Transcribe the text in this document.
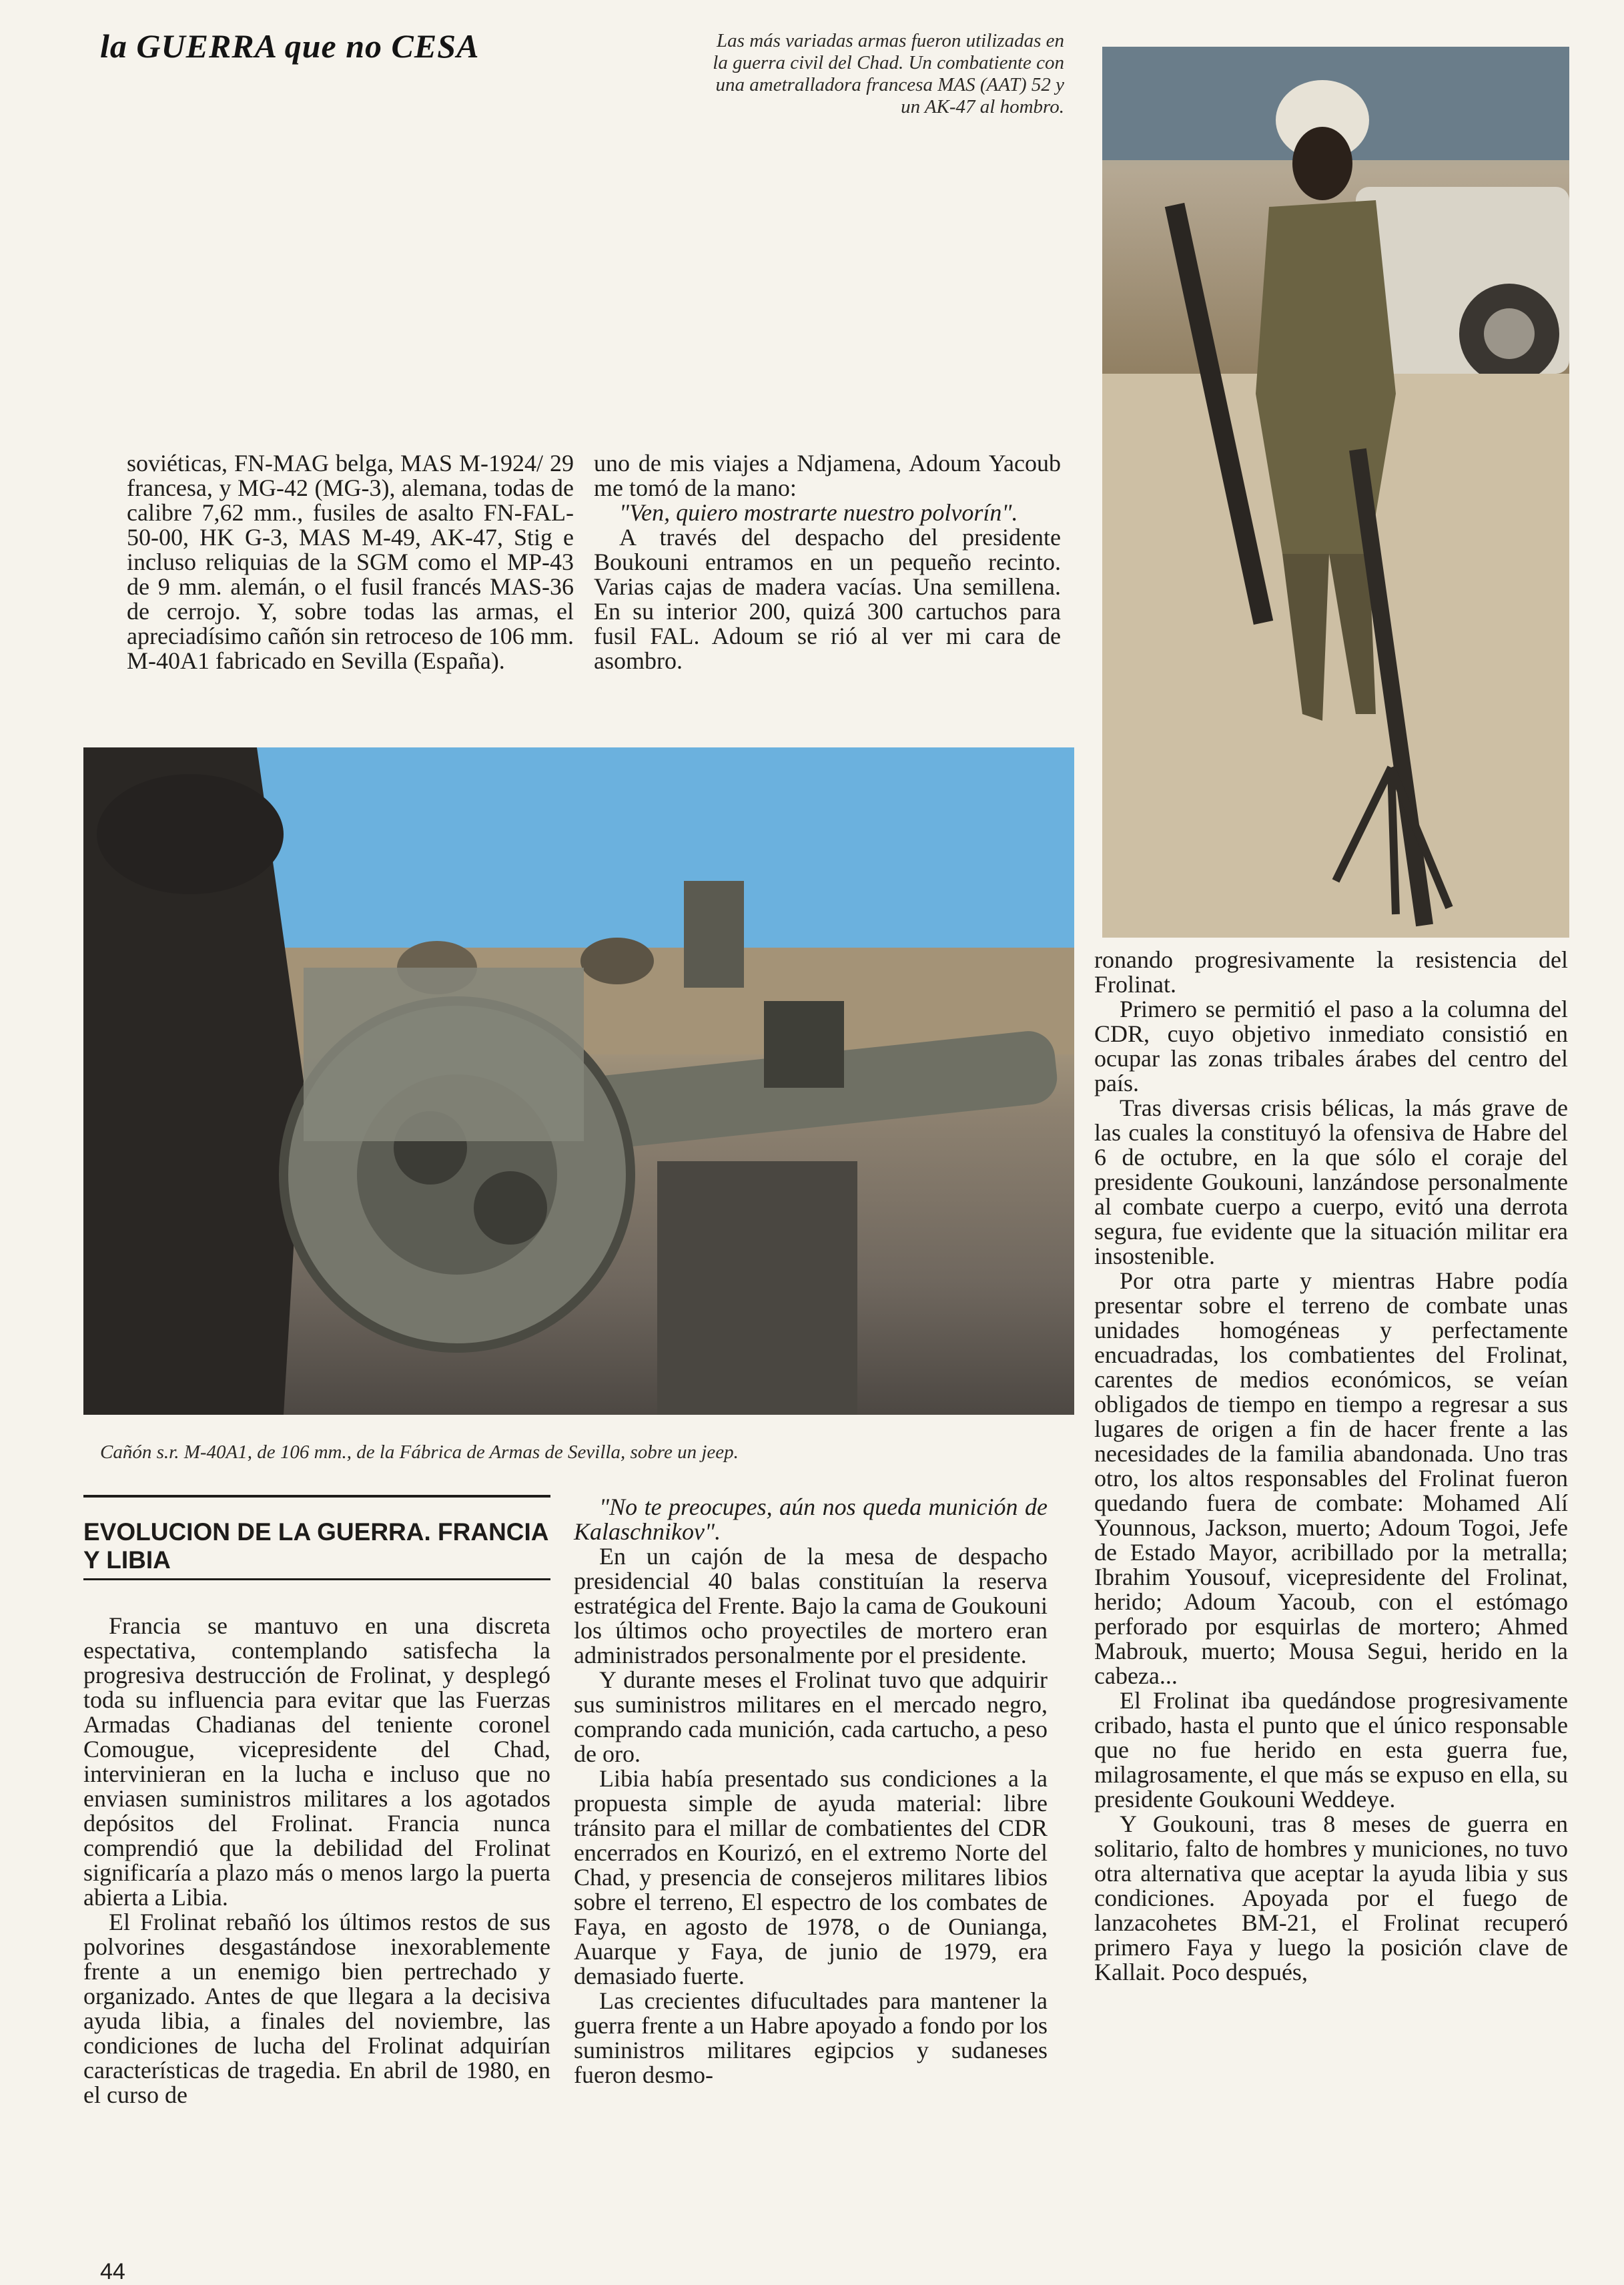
la GUERRA que no CESA	Las más variadas armas fueron utilizadas en la guerra civil del Chad. Un combatiente con una ametralladora francesa MAS (AAT) 52 y un AK-47 al hombro.

soviéticas, FN-MAG belga, MAS M-1924/ 29 francesa, y MG-42 (MG-3), alemana, todas de calibre 7,62 mm., fusiles de asalto FN-FAL-50-00, HK G-3, MAS M-49, AK-47, Stig e incluso reliquias de la SGM como el MP-43 de 9 mm. alemán, o el fusil francés MAS-36 de cerrojo. Y, sobre todas las armas, el apreciadísimo cañón sin retroceso de 106 mm. M-40A1 fabricado en Sevilla (España).

uno de mis viajes a Ndjamena, Adoum Yacoub me tomó de la mano:

"Ven, quiero mostrarte nuestro polvorín".

A través del despacho del presidente Boukouni entramos en un pequeño recinto. Varias cajas de madera vacías. Una semillena. En su interior 200, quizá 300 cartuchos para fusil FAL. Adoum se rió al ver mi cara de asombro.

Cañón s.r. M-40A1, de 106 mm., de la Fábrica de Armas de Sevilla, sobre un jeep.
EVOLUCION DE LA GUERRA. FRANCIA Y LIBIA

Francia se mantuvo en una discreta espectativa, contemplando satisfecha la progresiva destrucción de Frolinat, y desplegó toda su influencia para evitar que las Fuerzas Armadas Chadianas del teniente coronel Comougue, vicepresidente del Chad, intervinieran en la lucha e incluso que no enviasen suministros militares a los agotados depósitos del Frolinat. Francia nunca comprendió que la debilidad del Frolinat significaría a plazo más o menos largo la puerta abierta a Libia.

El Frolinat rebañó los últimos restos de sus polvorines desgastándose inexorablemente frente a un enemigo bien pertrechado y organizado. Antes de que llegara a la decisiva ayuda libia, a finales del noviembre, las condiciones de lucha del Frolinat adquirían características de tragedia. En abril de 1980, en el curso de

"No te preocupes, aún nos queda munición de Kalaschnikov".

En un cajón de la mesa de despacho presidencial 40 balas constituían la reserva estratégica del Frente. Bajo la cama de Goukouni los últimos ocho proyectiles de mortero eran administrados personalmente por el presidente.

Y durante meses el Frolinat tuvo que adquirir sus suministros militares en el mercado negro, comprando cada munición, cada cartucho, a peso de oro.

Libia había presentado sus condiciones a la propuesta simple de ayuda material: libre tránsito para el millar de combatientes del CDR encerrados en Kourizó, en el extremo Norte del Chad, y presencia de consejeros militares libios sobre el terreno, El espectro de los combates de Faya, en agosto de 1978, o de Ounianga, Auarque y Faya, de junio de 1979, era demasiado fuerte.

Las crecientes difucultades para mantener la guerra frente a un Habre apoyado a fondo por los suministros militares egipcios y sudaneses fueron desmo-

ronando progresivamente la resistencia del Frolinat.

Primero se permitió el paso a la columna del CDR, cuyo objetivo inmediato consistió en ocupar las zonas tribales árabes del centro del país.

Tras diversas crisis bélicas, la más grave de las cuales la constituyó la ofensiva de Habre del 6 de octubre, en la que sólo el coraje del presidente Goukouni, lanzándose personalmente al combate cuerpo a cuerpo, evitó una derrota segura, fue evidente que la situación militar era insostenible.

Por otra parte y mientras Habre podía presentar sobre el terreno de combate unas unidades homogéneas y perfectamente encuadradas, los combatientes del Frolinat, carentes de medios económicos, se veían obligados de tiempo en tiempo a regresar a sus lugares de origen a fin de hacer frente a las necesidades de la familia abandonada. Uno tras otro, los altos responsables del Frolinat fueron quedando fuera de combate: Mohamed Alí Younnous, Jackson, muerto; Adoum Togoi, Jefe de Estado Mayor, acribillado por la metralla; Ibrahim Yousouf, vicepresidente del Frolinat, herido; Adoum Yacoub, con el estómago perforado por esquirlas de mortero; Ahmed Mabrouk, muerto; Mousa Segui, herido en la cabeza...

El Frolinat iba quedándose progresivamente cribado, hasta el punto que el único responsable que no fue herido en esta guerra fue, milagrosamente, el que más se expuso en ella, su presidente Goukouni Weddeye.

Y Goukouni, tras 8 meses de guerra en solitario, falto de hombres y municiones, no tuvo otra alternativa que aceptar la ayuda libia y sus condiciones. Apoyada por el fuego de lanzacohetes BM-21, el Frolinat recuperó primero Faya y luego la posición clave de Kallait. Poco después,

44
